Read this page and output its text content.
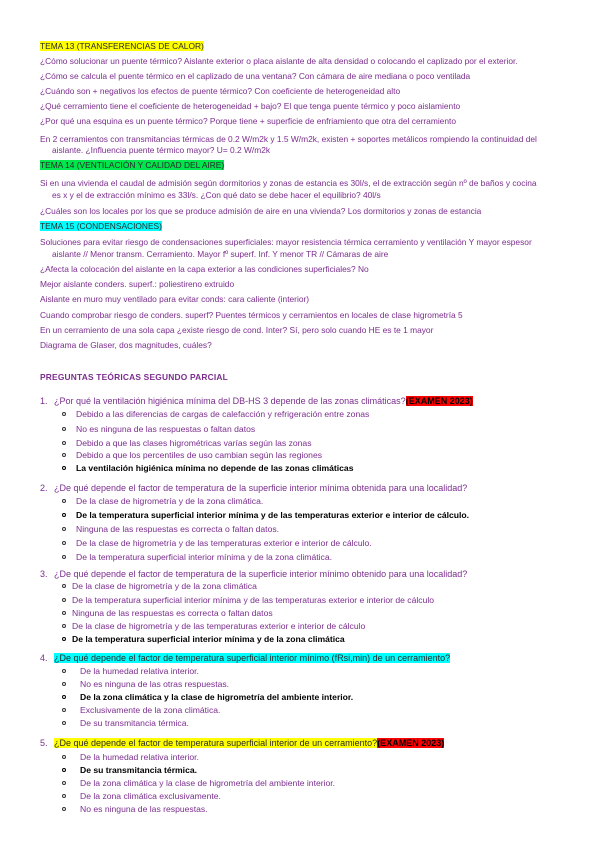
TEMA 13 (TRANSFERENCIAS DE CALOR)
¿Cómo solucionar un puente térmico? Aislante exterior o placa aislante de alta densidad o colocando el caplizado por el exterior.
¿Cómo se calcula el puente térmico en el caplizado de una ventana? Con cámara de aire mediana o poco ventilada
¿Cuándo son + negativos los efectos de puente térmico? Con coeficiente de heterogeneidad alto
¿Qué cerramiento tiene el coeficiente de heterogeneidad + bajo? El que tenga puente térmico y poco aislamiento
¿Por qué una esquina es un puente térmico? Porque tiene + superficie de enfriamiento que otra del cerramiento
En 2 cerramientos con transmitancias térmicas de 0.2 W/m2k y 1.5 W/m2k, existen + soportes metálicos rompiendo la continuidad del
aislante. ¿Influencia puente térmico mayor? U= 0.2 W/m2k
TEMA 14 (VENTILACIÓN Y CALIDAD DEL AIRE)
Si en una vivienda el caudal de admisión según dormitorios y zonas de estancia es 30l/s, el de extracción según nº de baños y cocina
es x y el de extracción mínimo es 33l/s. ¿Con qué dato se debe hacer el equilibrio? 40l/s
¿Cuáles son los locales por los que se produce admisión de aire en una vivienda? Los dormitorios y zonas de estancia
TEMA 15 (CONDENSACIONES)
Soluciones para evitar riesgo de condensaciones superficiales: mayor resistencia térmica cerramiento y ventilación Y mayor espesor
aislante // Menor transm. Cerramiento. Mayor fº superf. Inf. Y menor TR // Cámaras de aire
¿Afecta la colocación del aislante en la capa exterior a las condiciones superficiales? No
Mejor aislante conders. superf.: poliestireno extruido
Aislante en muro muy ventilado para evitar conds: cara caliente (interior)
Cuando comprobar riesgo de conders. superf? Puentes térmicos y cerramientos en locales de clase higrometría 5
En un cerramiento de una sola capa ¿existe riesgo de cond. Inter? Sí, pero solo cuando HE es te 1 mayor
Diagrama de Glaser, dos magnitudes, cuáles?
PREGUNTAS TEÓRICAS SEGUNDO PARCIAL
1. ¿Por qué la ventilación higiénica mínima del DB-HS 3 depende de las zonas climáticas?(EXAMEN 2023)
Debido a las diferencias de cargas de calefacción y refrigeración entre zonas
No es ninguna de las respuestas o faltan datos
Debido a que las clases higrométricas varías según las zonas
Debido a que los percentiles de uso cambian según las regiones
La ventilación higiénica mínima no depende de las zonas climáticas
2. ¿De qué depende el factor de temperatura de la superficie interior mínima obtenida para una localidad?
De la clase de higrometría y de la zona climática.
De la temperatura superficial interior mínima y de las temperaturas exterior e interior de cálculo.
Ninguna de las respuestas es correcta o faltan datos.
De la clase de higrometría y de las temperaturas exterior e interior de cálculo.
De la temperatura superficial interior mínima y de la zona climática.
3. ¿De qué depende el factor de temperatura de la superficie interior mínimo obtenido para una localidad?
De la clase de higrometría y de la zona climática
De la temperatura superficial interior mínima y de las temperaturas exterior e interior de cálculo
Ninguna de las respuestas es correcta o faltan datos
De la clase de higrometría y de las temperaturas exterior e interior de cálculo
De la temperatura superficial interior mínima y de la zona climática
4. ¿De qué depende el factor de temperatura superficial interior mínimo (fRsi,min) de un cerramiento?
De la humedad relativa interior.
No es ninguna de las otras respuestas.
De la zona climática y la clase de higrometría del ambiente interior.
Exclusivamente de la zona climática.
De su transmitancia térmica.
5. ¿De qué depende el factor de temperatura superficial interior de un cerramiento?(EXAMEN 2023)
De la humedad relativa interior.
De su transmitancia térmica.
De la zona climática y la clase de higrometría del ambiente interior.
De la zona climática exclusivamente.
No es ninguna de las respuestas.
